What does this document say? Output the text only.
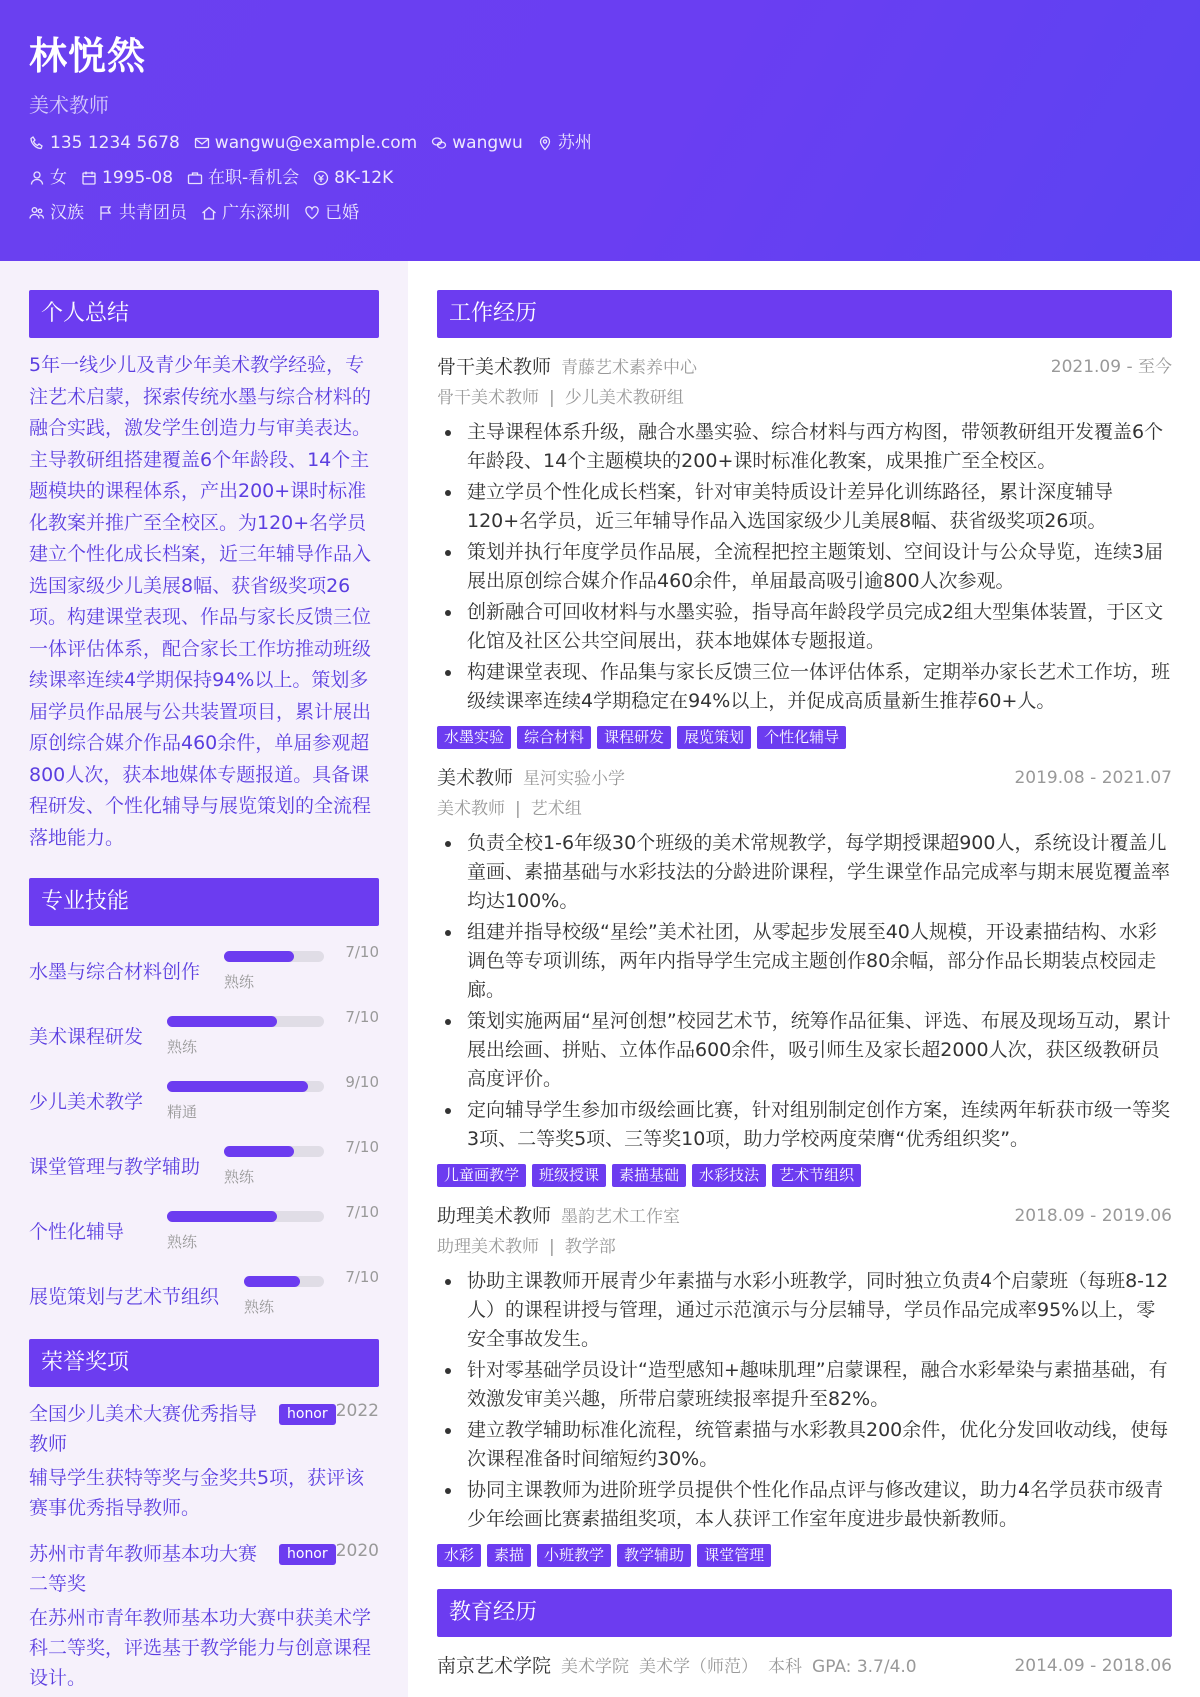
林悦然
美术教师
135 1234 5678 wangwu@example.com wangwu 苏州
女 1995-08 在职-看机会 8K-12K
汉族 共青团员 广东深圳 已婚
个人总结
5年一线少儿及青少年美术教学经验，专注艺术启蒙，探索传统水墨与综合材料的融合实践，激发学生创造力与审美表达。主导教研组搭建覆盖6个年龄段、14个主题模块的课程体系，产出200+课时标准化教案并推广至全校区。为120+名学员建立个性化成长档案，近三年辅导作品入选国家级少儿美展8幅、获省级奖项26项。构建课堂表现、作品与家长反馈三位一体评估体系，配合家长工作坊推动班级续课率连续4学期保持94%以上。策划多届学员作品展与公共装置项目，累计展出原创综合媒介作品460余件，单届参观超800人次，获本地媒体专题报道。具备课程研发、个性化辅导与展览策划的全流程落地能力。
专业技能
水墨与综合材料创作
7/10
熟练
美术课程研发
7/10
熟练
少儿美术教学
9/10
精通
课堂管理与教学辅助
7/10
熟练
个性化辅导
7/10
熟练
展览策划与艺术节组织
7/10
熟练
荣誉奖项
全国少儿美术大赛优秀指导教师
honor 2022
辅导学生获特等奖与金奖共5项，获评该赛事优秀指导教师。
苏州市青年教师基本功大赛二等奖
honor 2020
在苏州市青年教师基本功大赛中获美术学科二等奖，评选基于教学能力与创意课程设计。
工作经历
骨干美术教师 青藤艺术素养中心	2021.09 - 至今
骨干美术教师 | 少儿美术教研组
主导课程体系升级，融合水墨实验、综合材料与西方构图，带领教研组开发覆盖6个年龄段、14个主题模块的200+课时标准化教案，成果推广至全校区。
建立学员个性化成长档案，针对审美特质设计差异化训练路径，累计深度辅导120+名学员，近三年辅导作品入选国家级少儿美展8幅、获省级奖项26项。
策划并执行年度学员作品展，全流程把控主题策划、空间设计与公众导览，连续3届展出原创综合媒介作品460余件，单届最高吸引逾800人次参观。
创新融合可回收材料与水墨实验，指导高年龄段学员完成2组大型集体装置，于区文化馆及社区公共空间展出，获本地媒体专题报道。
构建课堂表现、作品集与家长反馈三位一体评估体系，定期举办家长艺术工作坊，班级续课率连续4学期稳定在94%以上，并促成高质量新生推荐60+人。
水墨实验	综合材料	课程研发	展览策划	个性化辅导
美术教师 星河实验小学	2019.08 - 2021.07
美术教师 | 艺术组
负责全校1-6年级30个班级的美术常规教学，每学期授课超900人，系统设计覆盖儿童画、素描基础与水彩技法的分龄进阶课程，学生课堂作品完成率与期末展览覆盖率均达100%。
组建并指导校级“星绘”美术社团，从零起步发展至40人规模，开设素描结构、水彩调色等专项训练，两年内指导学生完成主题创作80余幅，部分作品长期装点校园走廊。
策划实施两届“星河创想”校园艺术节，统筹作品征集、评选、布展及现场互动，累计展出绘画、拼贴、立体作品600余件，吸引师生及家长超2000人次，获区级教研员高度评价。
定向辅导学生参加市级绘画比赛，针对组别制定创作方案，连续两年斩获市级一等奖3项、二等奖5项、三等奖10项，助力学校两度荣膺“优秀组织奖”。
儿童画教学	班级授课	素描基础	水彩技法	艺术节组织
助理美术教师 墨韵艺术工作室	2018.09 - 2019.06
助理美术教师 | 教学部
协助主课教师开展青少年素描与水彩小班教学，同时独立负责4个启蒙班（每班8-12人）的课程讲授与管理，通过示范演示与分层辅导，学员作品完成率95%以上，零安全事故发生。
针对零基础学员设计“造型感知+趣味肌理”启蒙课程，融合水彩晕染与素描基础，有效激发审美兴趣，所带启蒙班续报率提升至82%。
建立教学辅助标准化流程，统管素描与水彩教具200余件，优化分发回收动线，使每次课程准备时间缩短约30%。
协同主课教师为进阶班学员提供个性化作品点评与修改建议，助力4名学员获市级青少年绘画比赛素描组奖项，本人获评工作室年度进步最快新教师。
水彩	素描	小班教学	教学辅助	课堂管理
教育经历
南京艺术学院 美术学院 美术学（师范） 本科 GPA: 3.7/4.0	2014.09 - 2018.06
